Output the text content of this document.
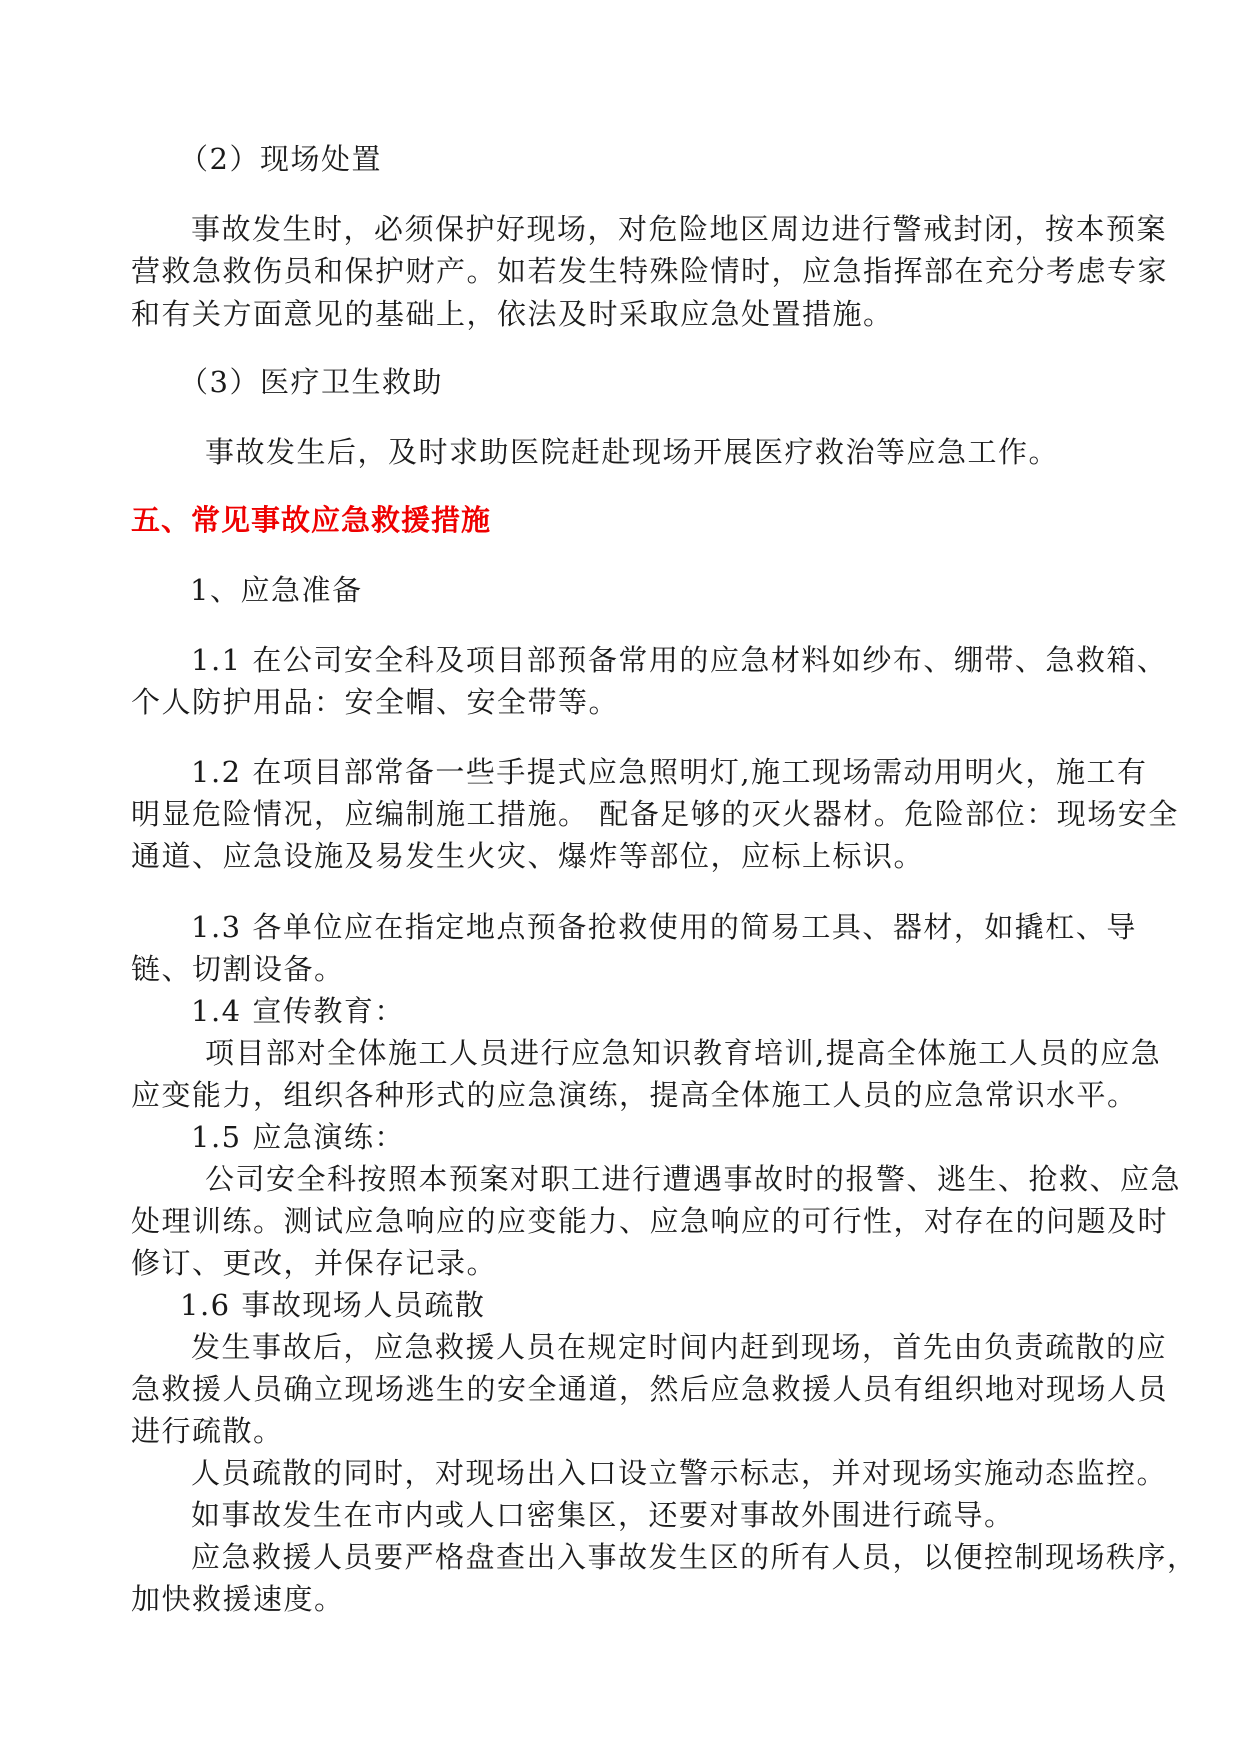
（2）现场处置
事故发生时，必须保护好现场，对危险地区周边进行警戒封闭，按本预案
营救急救伤员和保护财产。如若发生特殊险情时，应急指挥部在充分考虑专家
和有关方面意见的基础上，依法及时采取应急处置措施。
（3）医疗卫生救助
事故发生后，及时求助医院赶赴现场开展医疗救治等应急工作。
五、常见事故应急救援措施
1、应急准备
1.1 在公司安全科及项目部预备常用的应急材料如纱布、绷带、急救箱、
个人防护用品：安全帽、安全带等。
1.2 在项目部常备一些手提式应急照明灯,施工现场需动用明火，施工有
明显危险情况，应编制施工措施。 配备足够的灭火器材。危险部位：现场安全
通道、应急设施及易发生火灾、爆炸等部位，应标上标识。
1.3 各单位应在指定地点预备抢救使用的简易工具、器材，如撬杠、导
链、切割设备。
1.4 宣传教育：
项目部对全体施工人员进行应急知识教育培训,提高全体施工人员的应急
应变能力，组织各种形式的应急演练，提高全体施工人员的应急常识水平。
1.5 应急演练：
公司安全科按照本预案对职工进行遭遇事故时的报警、逃生、抢救、应急
处理训练。测试应急响应的应变能力、应急响应的可行性，对存在的问题及时
修订、更改，并保存记录。
1.6 事故现场人员疏散
发生事故后，应急救援人员在规定时间内赶到现场，首先由负责疏散的应
急救援人员确立现场逃生的安全通道，然后应急救援人员有组织地对现场人员
进行疏散。
人员疏散的同时，对现场出入口设立警示标志，并对现场实施动态监控。
如事故发生在市内或人口密集区，还要对事故外围进行疏导。
应急救援人员要严格盘查出入事故发生区的所有人员，以便控制现场秩序，
加快救援速度。
